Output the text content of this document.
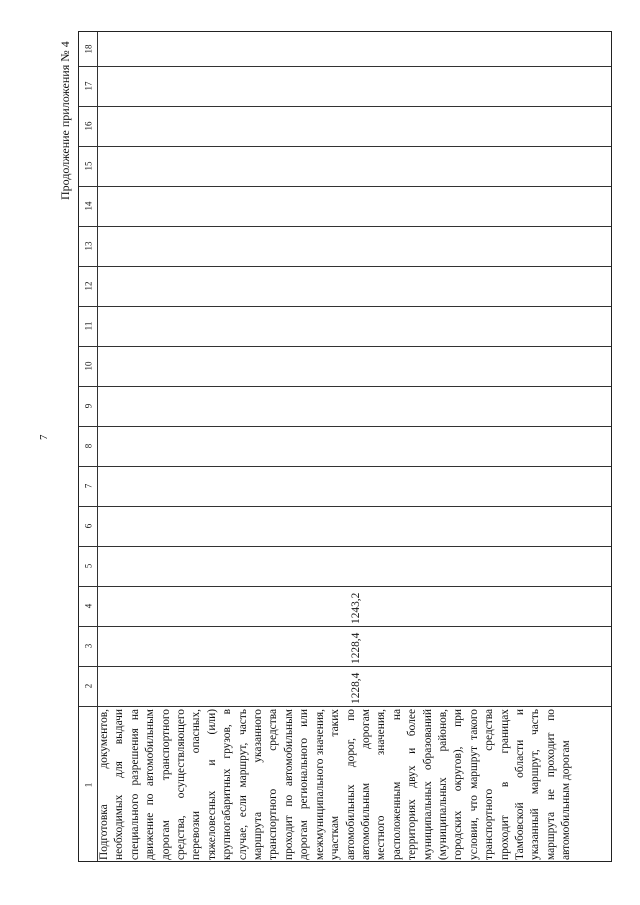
7
Продолжение приложения № 4
1
2
3
4
5
6
7
8
9
10
11
12
13
14
15
16
17
18
Подготовка документов, необходимых для выдачи специального разрешения на движение по автомобильным дорогам транспортного средства, осуществляющего перевозки опасных, тяжеловесных и (или) крупногабаритных грузов, в случае, если маршрут, часть маршрута указанного транспортного средства проходит по автомобильным дорогам регионального или межмуниципального значения, участкам таких автомобильных дорог, по автомобильным дорогам местного значения, расположенным на территориях двух и более муниципальных образований (муниципальных районов, городских округов), при условии, что маршрут такого транспортного средства проходит в границах Тамбовской области и указанный маршрут, часть маршрута не проходит по автомобильным дорогам
1228,4
1228,4
1243,2
